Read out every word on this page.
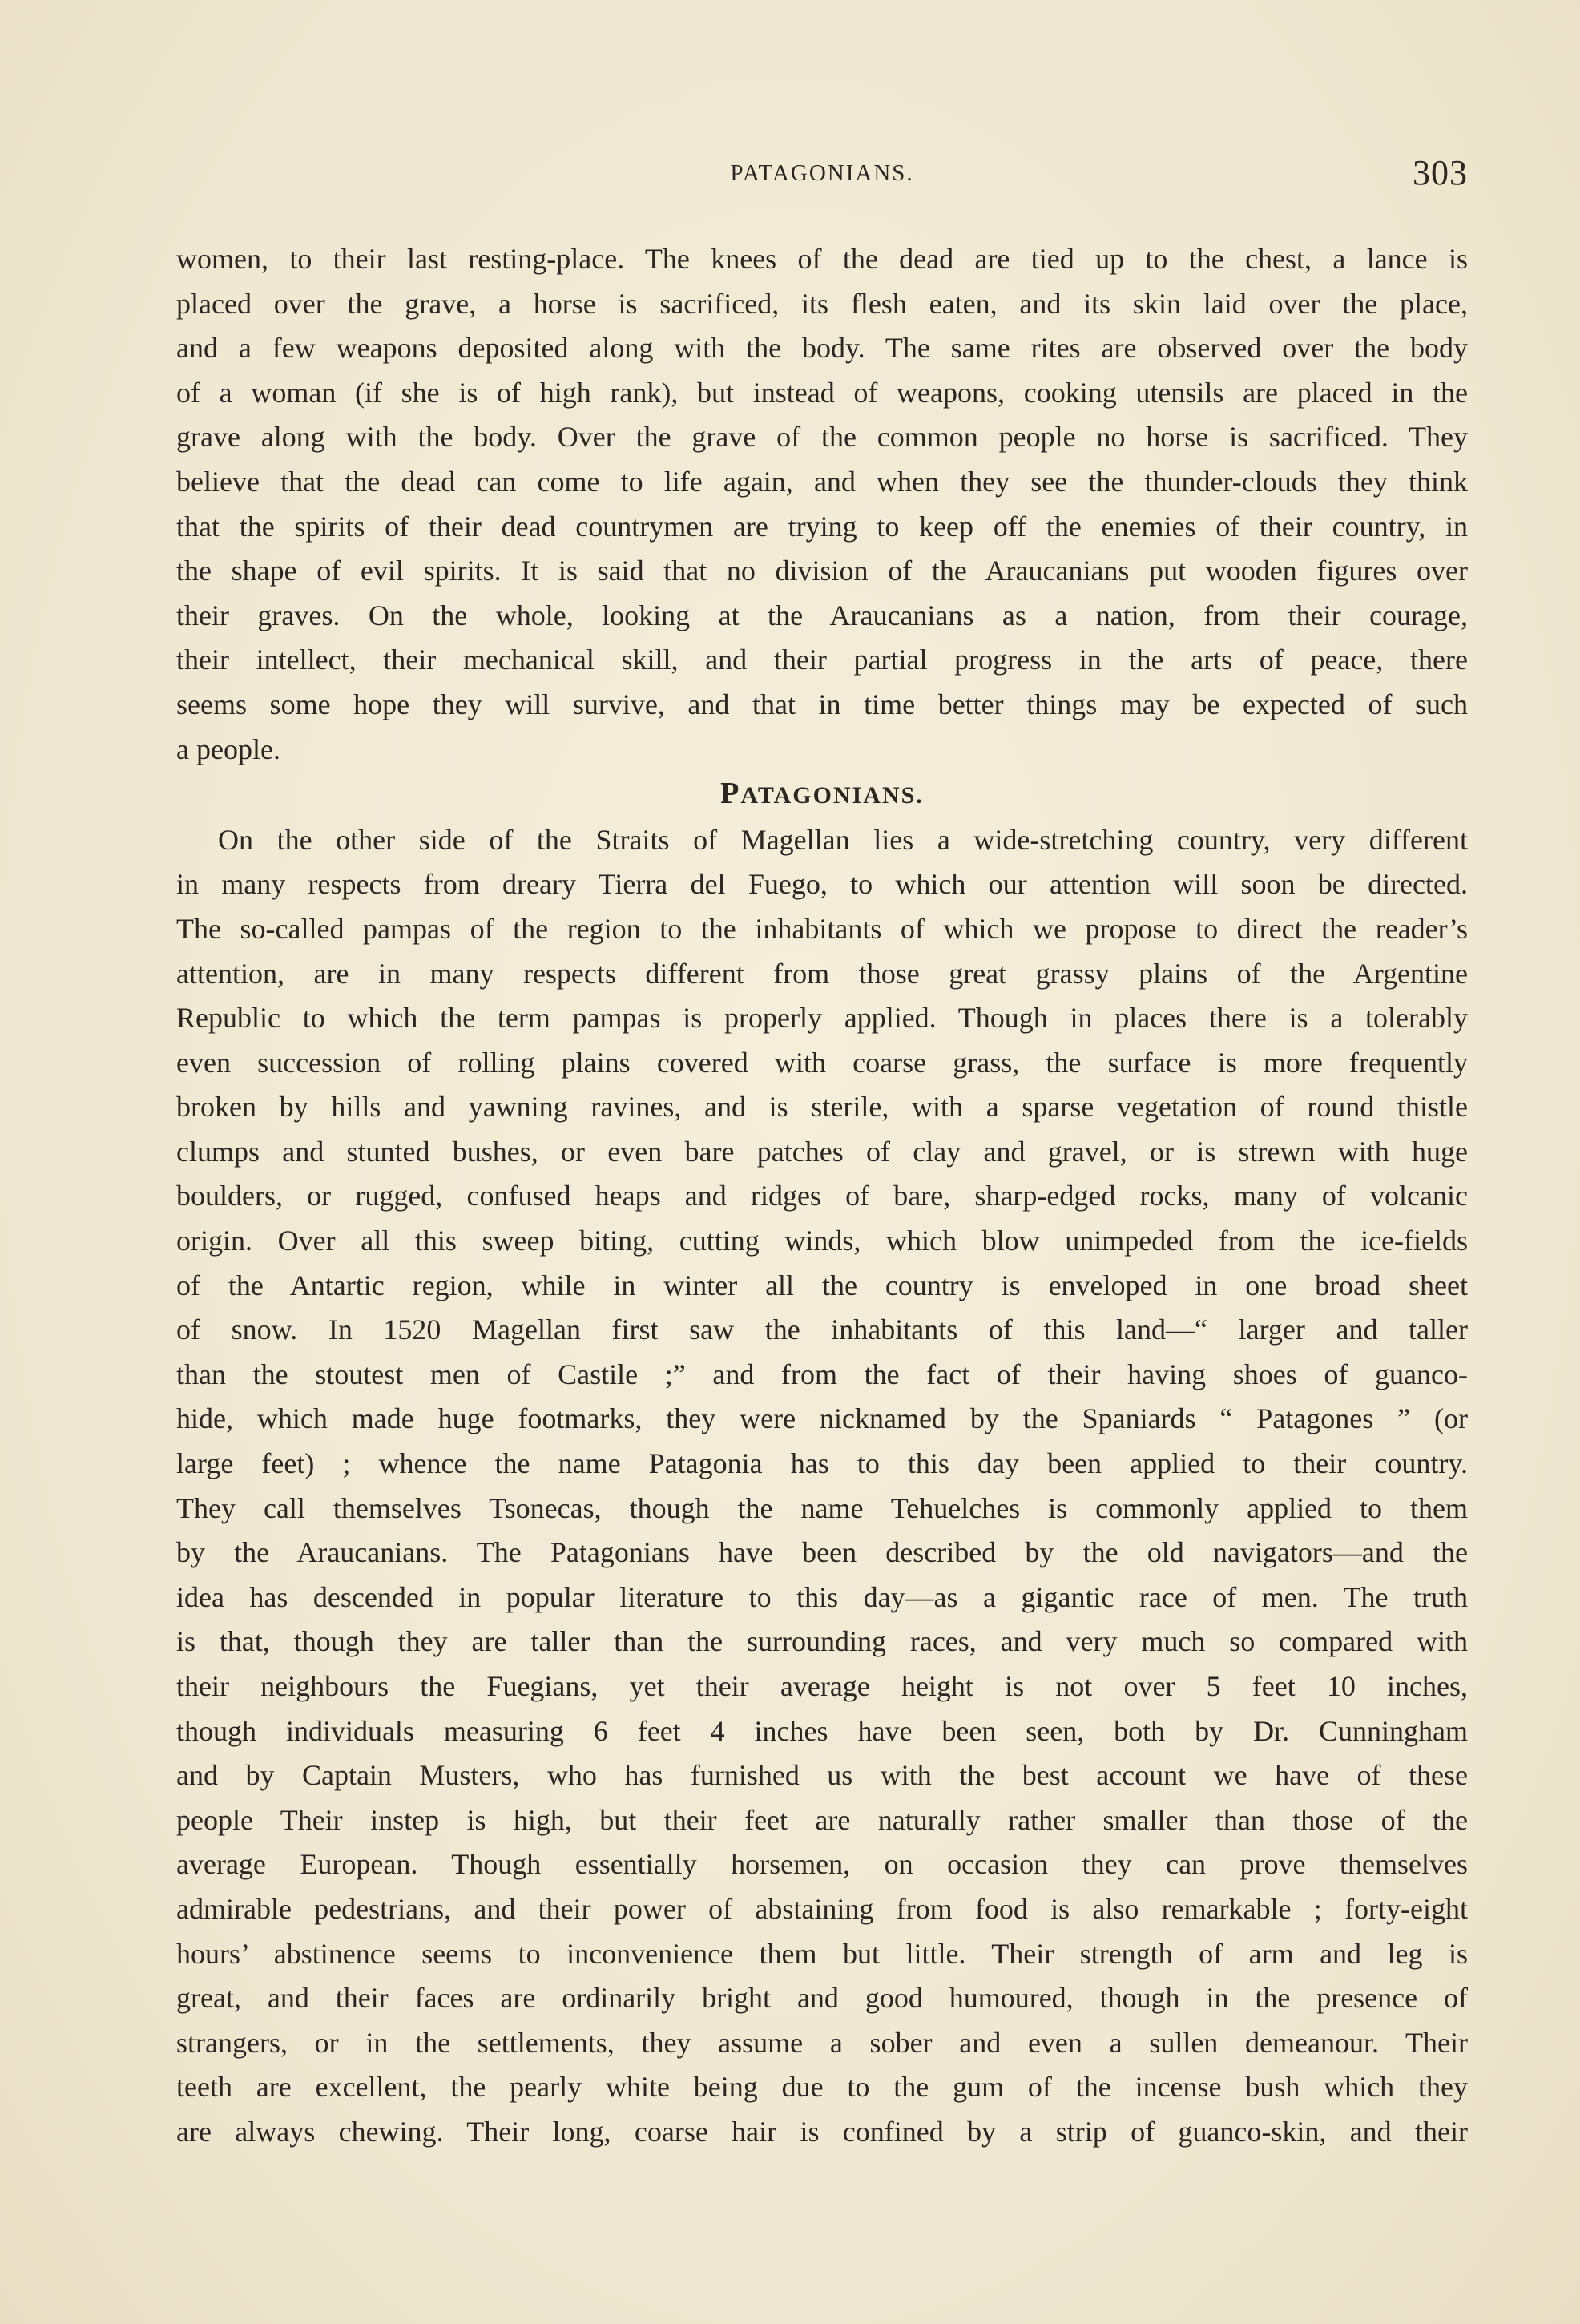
PATAGONIANS.	303

women, to their last resting-place. The knees of the dead are tied up to the chest, a lance is

placed over the grave, a horse is sacrificed, its flesh eaten, and its skin laid over the place,

and a few weapons deposited along with the body. The same rites are observed over the body

of a woman (if she is of high rank), but instead of weapons, cooking utensils are placed in the

grave along with the body. Over the grave of the common people no horse is sacrificed. They

believe that the dead can come to life again, and when they see the thunder-clouds they think

that the spirits of their dead countrymen are trying to keep off the enemies of their country, in

the shape of evil spirits. It is said that no division of the Araucanians put wooden figures over

their graves. On the whole, looking at the Araucanians as a nation, from their courage,

their intellect, their mechanical skill, and their partial progress in the arts of peace, there

seems some hope they will survive, and that in time better things may be expected of such

a people.

PATAGONIANS.

On the other side of the Straits of Magellan lies a wide-stretching country, very different

in many respects from dreary Tierra del Fuego, to which our attention will soon be directed.

The so-called pampas of the region to the inhabitants of which we propose to direct the reader’s

attention, are in many respects different from those great grassy plains of the Argentine

Republic to which the term pampas is properly applied. Though in places there is a tolerably

even succession of rolling plains covered with coarse grass, the surface is more frequently

broken by hills and yawning ravines, and is sterile, with a sparse vegetation of round thistle

clumps and stunted bushes, or even bare patches of clay and gravel, or is strewn with huge

boulders, or rugged, confused heaps and ridges of bare, sharp-edged rocks, many of volcanic

origin. Over all this sweep biting, cutting winds, which blow unimpeded from the ice-fields

of the Antartic region, while in winter all the country is enveloped in one broad sheet

of snow. In 1520 Magellan first saw the inhabitants of this land—“ larger and taller

than the stoutest men of Castile ;” and from the fact of their having shoes of guanco-

hide, which made huge footmarks, they were nicknamed by the Spaniards “ Patagones ” (or

large feet) ; whence the name Patagonia has to this day been applied to their country.

They call themselves Tsonecas, though the name Tehuelches is commonly applied to them

by the Araucanians. The Patagonians have been described by the old navigators—and the

idea has descended in popular literature to this day—as a gigantic race of men. The truth

is that, though they are taller than the surrounding races, and very much so compared with

their neighbours the Fuegians, yet their average height is not over 5 feet 10 inches,

though individuals measuring 6 feet 4 inches have been seen, both by Dr. Cunningham

and by Captain Musters, who has furnished us with the best account we have of these

people Their instep is high, but their feet are naturally rather smaller than those of the

average European. Though essentially horsemen, on occasion they can prove themselves

admirable pedestrians, and their power of abstaining from food is also remarkable ; forty-eight

hours’ abstinence seems to inconvenience them but little. Their strength of arm and leg is

great, and their faces are ordinarily bright and good humoured, though in the presence of

strangers, or in the settlements, they assume a sober and even a sullen demeanour. Their

teeth are excellent, the pearly white being due to the gum of the incense bush which they

are always chewing. Their long, coarse hair is confined by a strip of guanco-skin, and their
